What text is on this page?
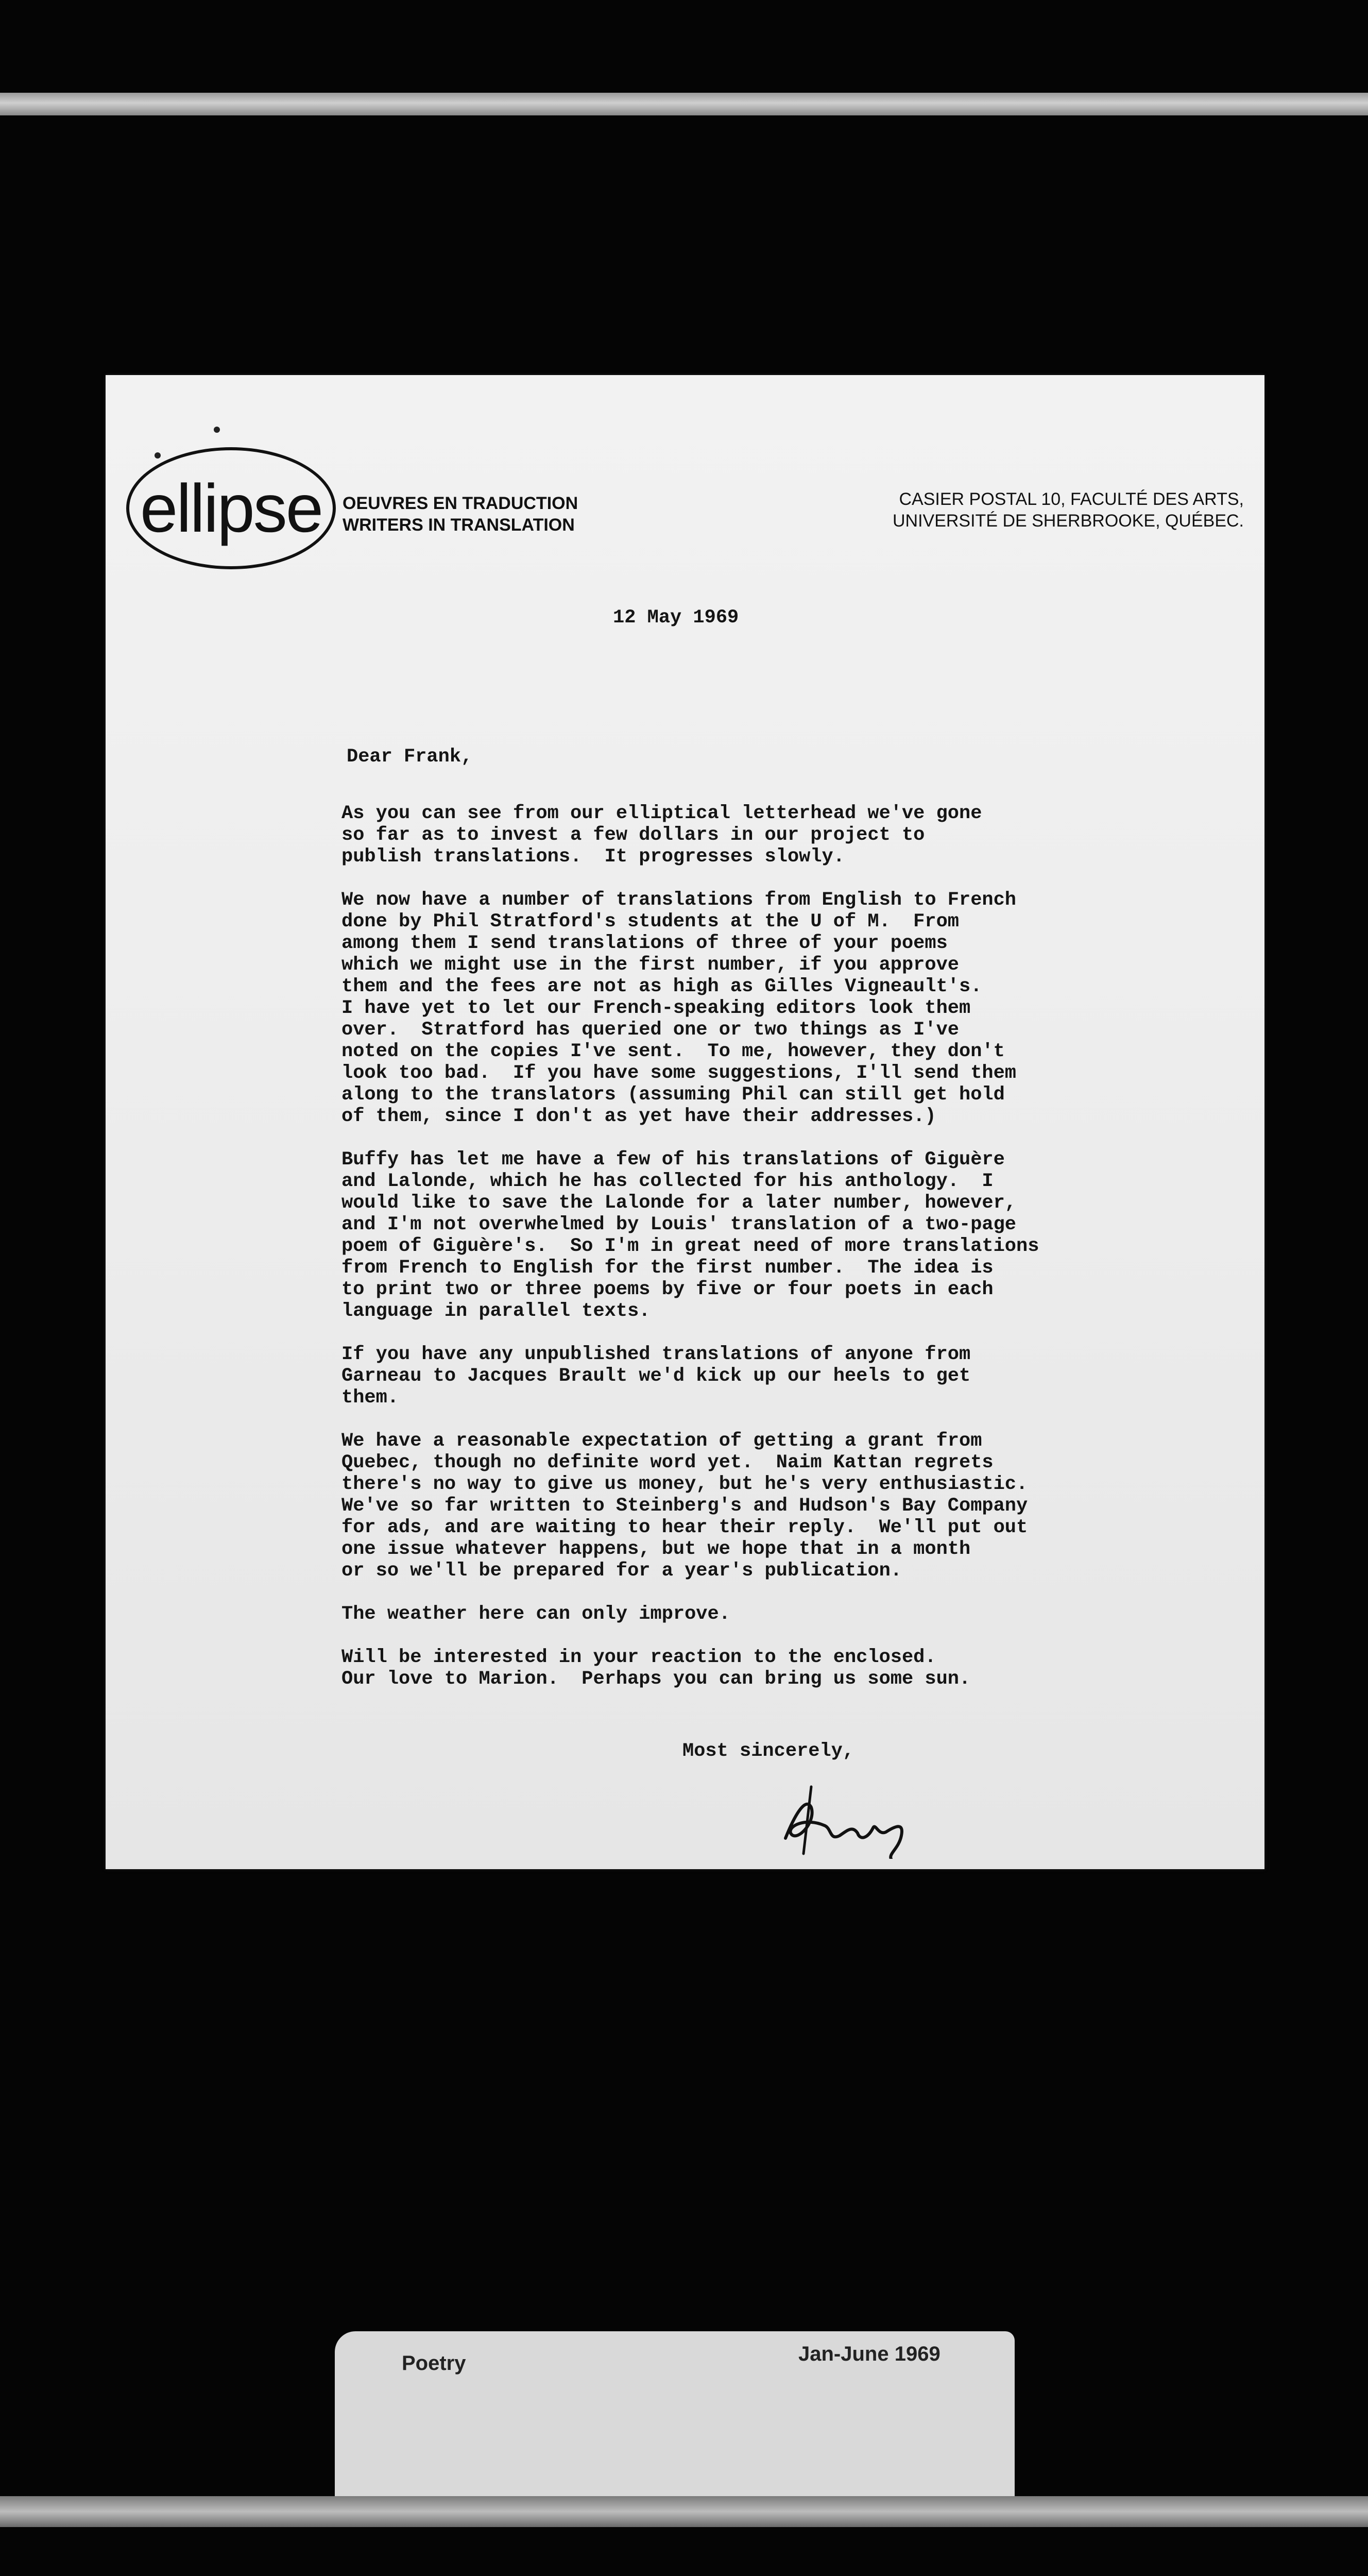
ellipse OEUVRES EN TRADUCTION
WRITERS IN TRANSLATION
CASIER POSTAL 10, FACULTÉ DES ARTS,
UNIVERSITÉ DE SHERBROOKE, QUÉBEC.
12 May 1969
Dear Frank,

As you can see from our elliptical letterhead we've gone
so far as to invest a few dollars in our project to
publish translations.  It progresses slowly.

We now have a number of translations from English to French
done by Phil Stratford's students at the U of M.  From
among them I send translations of three of your poems
which we might use in the first number, if you approve
them and the fees are not as high as Gilles Vigneault's.
I have yet to let our French-speaking editors look them
over.  Stratford has queried one or two things as I've
noted on the copies I've sent.  To me, however, they don't
look too bad.  If you have some suggestions, I'll send them
along to the translators (assuming Phil can still get hold
of them, since I don't as yet have their addresses.)

Buffy has let me have a few of his translations of Giguère
and Lalonde, which he has collected for his anthology.  I
would like to save the Lalonde for a later number, however,
and I'm not overwhelmed by Louis' translation of a two-page
poem of Giguère's.  So I'm in great need of more translations
from French to English for the first number.  The idea is
to print two or three poems by five or four poets in each
language in parallel texts.

If you have any unpublished translations of anyone from
Garneau to Jacques Brault we'd kick up our heels to get
them.

We have a reasonable expectation of getting a grant from
Quebec, though no definite word yet.  Naim Kattan regrets
there's no way to give us money, but he's very enthusiastic.
We've so far written to Steinberg's and Hudson's Bay Company
for ads, and are waiting to hear their reply.  We'll put out
one issue whatever happens, but we hope that in a month
or so we'll be prepared for a year's publication.

The weather here can only improve.

Will be interested in your reaction to the enclosed.
Our love to Marion.  Perhaps you can bring us some sun.

Most sincerely,
Poetry	Jan-June 1969
